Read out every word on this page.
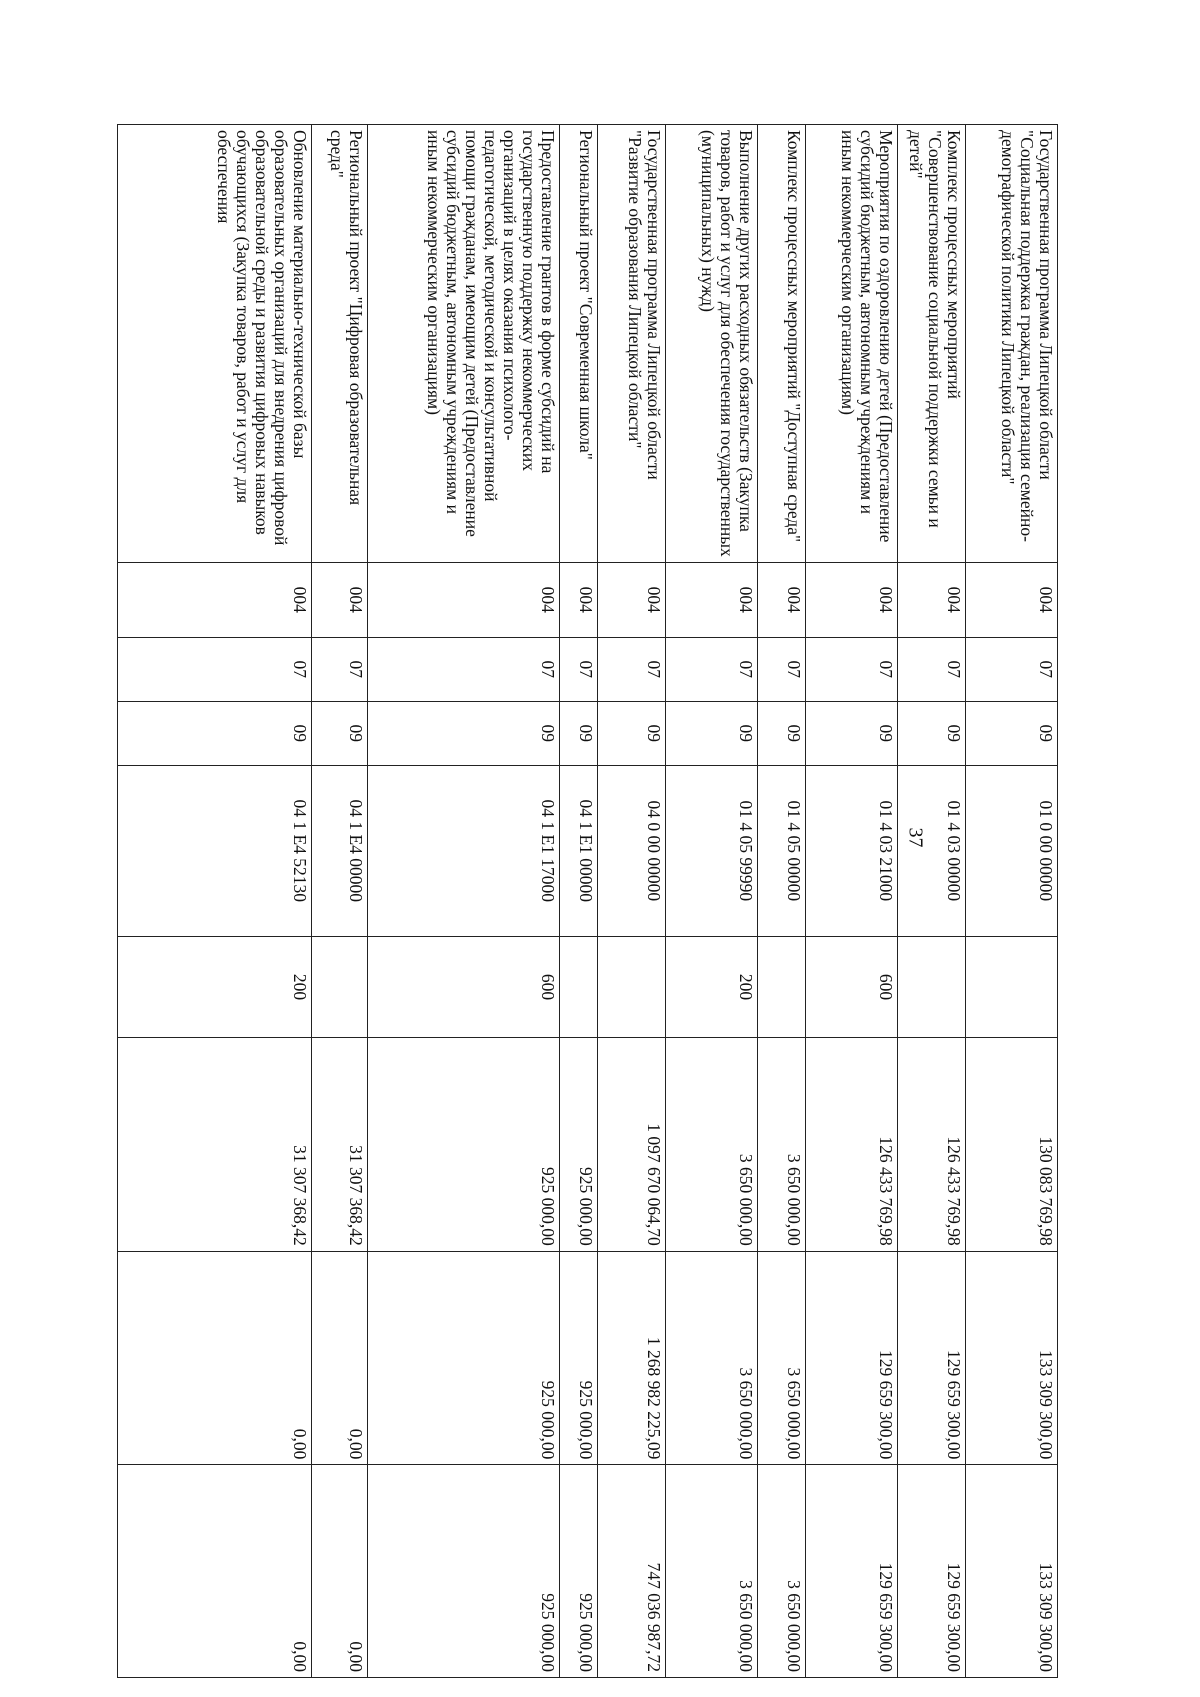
37
Государственная программа Липецкой области "Социальная поддержка граждан, реализация семейно-демографической политики Липецкой области"	004	07	09	01 0 00 00000		130 083 769,98	133 309 300,00	133 309 300,00
Комплекс процессных мероприятий "Совершенствование социальной поддержки семьи и детей"	004	07	09	01 4 03 00000		126 433 769,98	129 659 300,00	129 659 300,00
Мероприятия по оздоровлению детей (Предоставление субсидий бюджетным, автономным учреждениям и иным некоммерческим организациям)	004	07	09	01 4 03 21000	600	126 433 769,98	129 659 300,00	129 659 300,00
Комплекс процессных мероприятий "Доступная среда"	004	07	09	01 4 05 00000		3 650 000,00	3 650 000,00	3 650 000,00
Выполнение других расходных обязательств (Закупка товаров, работ и услуг для обеспечения государственных (муниципальных) нужд)	004	07	09	01 4 05 99990	200	3 650 000,00	3 650 000,00	3 650 000,00
Государственная программа Липецкой области "Развитие образования Липецкой области"	004	07	09	04 0 00 00000		1 097 670 064,70	1 268 982 225,09	747 036 987,72
Региональный проект "Современная школа"	004	07	09	04 1 E1 00000		925 000,00	925 000,00	925 000,00
Предоставление грантов в форме субсидий на государственную поддержку некоммерческих организаций в целях оказания психолого-педагогической, методической и консультативной помощи гражданам, имеющим детей (Предоставление субсидий бюджетным, автономным учреждениям и иным некоммерческим организациям)	004	07	09	04 1 E1 17000	600	925 000,00	925 000,00	925 000,00
Региональный проект "Цифровая образовательная среда"	004	07	09	04 1 E4 00000		31 307 368,42	0,00	0,00
Обновление материально-технической базы образовательных организаций для внедрения цифровой образовательной среды и развития цифровых навыков обучающихся (Закупка товаров, работ и услуг для обеспечения	004	07	09	04 1 E4 52130	200	31 307 368,42	0,00	0,00
